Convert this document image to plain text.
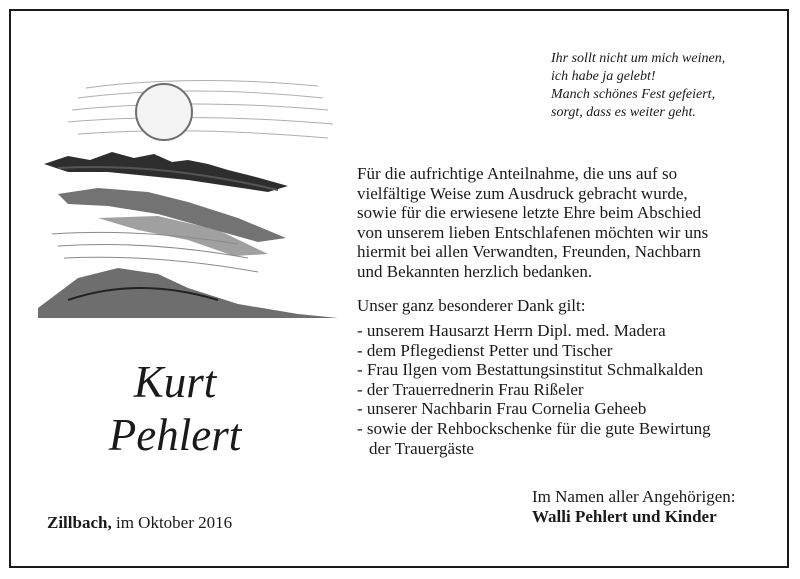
Ihr sollt nicht um mich weinen,
ich habe ja gelebt!
Manch schönes Fest gefeiert,
sorgt, dass es weiter geht.
Kurt
Pehlert
Für die aufrichtige Anteilnahme, die uns auf so
vielfältige Weise zum Ausdruck gebracht wurde,
sowie für die erwiesene letzte Ehre beim Abschied
von unserem lieben Entschlafenen möchten wir uns
hiermit bei allen Verwandten, Freunden, Nachbarn
und Bekannten herzlich bedanken.
Unser ganz besonderer Dank gilt:
- unserem Hausarzt Herrn Dipl. med. Madera
- dem Pflegedienst Petter und Tischer
- Frau Ilgen vom Bestattungsinstitut Schmalkalden
- der Trauerrednerin Frau Rißeler
- unserer Nachbarin Frau Cornelia Geheeb
- sowie der Rehbockschenke für die gute Bewirtung
der Trauergäste
Im Namen aller Angehörigen:
Walli Pehlert und Kinder
Zillbach, im Oktober 2016
